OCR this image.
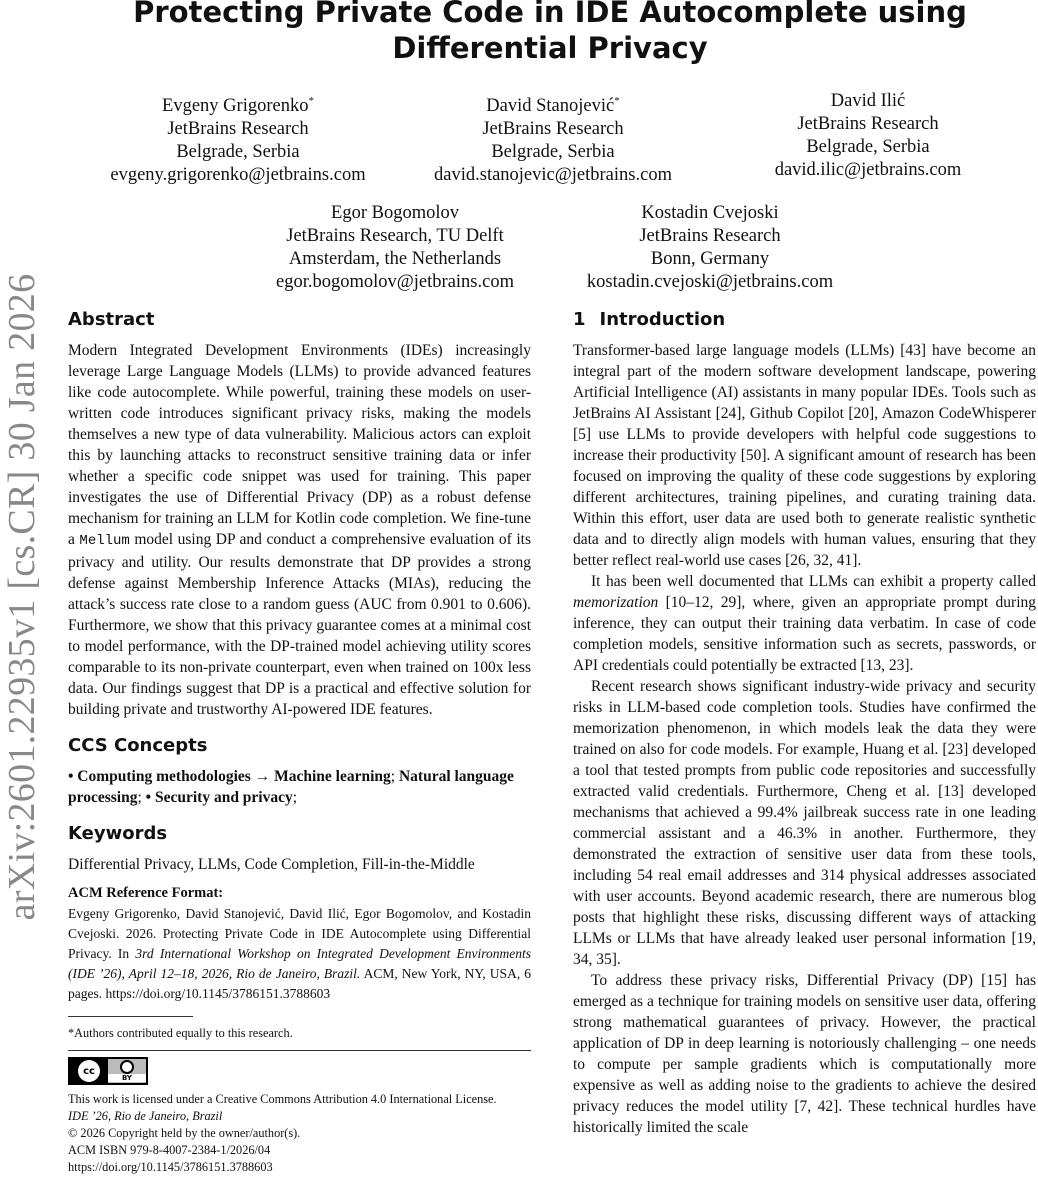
arXiv:2601.22935v1 [cs.CR] 30 Jan 2026
Protecting Private Code in IDE Autocomplete using Differential Privacy
Evgeny Grigorenko*
JetBrains Research
Belgrade, Serbia
evgeny.grigorenko@jetbrains.com
David Stanojević*
JetBrains Research
Belgrade, Serbia
david.stanojevic@jetbrains.com
David Ilić
JetBrains Research
Belgrade, Serbia
david.ilic@jetbrains.com
Egor Bogomolov
JetBrains Research, TU Delft
Amsterdam, the Netherlands
egor.bogomolov@jetbrains.com
Kostadin Cvejoski
JetBrains Research
Bonn, Germany
kostadin.cvejoski@jetbrains.com
Abstract

Modern Integrated Development Environments (IDEs) increasingly leverage Large Language Models (LLMs) to provide advanced features like code autocomplete. While powerful, training these models on user-written code introduces significant privacy risks, making the models themselves a new type of data vulnerability. Malicious actors can exploit this by launching attacks to reconstruct sensitive training data or infer whether a specific code snippet was used for training. This paper investigates the use of Differential Privacy (DP) as a robust defense mechanism for training an LLM for Kotlin code completion. We fine-tune a Mellum model using DP and conduct a comprehensive evaluation of its privacy and utility. Our results demonstrate that DP provides a strong defense against Membership Inference Attacks (MIAs), reducing the attack’s success rate close to a random guess (AUC from 0.901 to 0.606). Furthermore, we show that this privacy guarantee comes at a minimal cost to model performance, with the DP-trained model achieving utility scores comparable to its non-private counterpart, even when trained on 100x less data. Our findings suggest that DP is a practical and effective solution for building private and trustworthy AI-powered IDE features.

CCS Concepts

• Computing methodologies → Machine learning; Natural language processing; • Security and privacy;

Keywords

Differential Privacy, LLMs, Code Completion, Fill-in-the-Middle

ACM Reference Format:

Evgeny Grigorenko, David Stanojević, David Ilić, Egor Bogomolov, and Kostadin Cvejoski. 2026. Protecting Private Code in IDE Autocomplete using Differential Privacy. In 3rd International Workshop on Integrated Development Environments (IDE ’26), April 12–18, 2026, Rio de Janeiro, Brazil. ACM, New York, NY, USA, 6 pages. https://doi.org/10.1145/3786151.3788603

*Authors contributed equally to this research.
cc
BY
This work is licensed under a Creative Commons Attribution 4.0 International License.
IDE ’26, Rio de Janeiro, Brazil
© 2026 Copyright held by the owner/author(s).
ACM ISBN 979-8-4007-2384-1/2026/04
https://doi.org/10.1145/3786151.3788603
1 Introduction

Transformer-based large language models (LLMs) [43] have become an integral part of the modern software development landscape, powering Artificial Intelligence (AI) assistants in many popular IDEs. Tools such as JetBrains AI Assistant [24], Github Copilot [20], Amazon CodeWhisperer [5] use LLMs to provide developers with helpful code suggestions to increase their productivity [50]. A significant amount of research has been focused on improving the quality of these code suggestions by exploring different architectures, training pipelines, and curating training data. Within this effort, user data are used both to generate realistic synthetic data and to directly align models with human values, ensuring that they better reflect real-world use cases [26, 32, 41].

It has been well documented that LLMs can exhibit a property called memorization [10–12, 29], where, given an appropriate prompt during inference, they can output their training data verbatim. In case of code completion models, sensitive information such as secrets, passwords, or API credentials could potentially be extracted [13, 23].

Recent research shows significant industry-wide privacy and security risks in LLM-based code completion tools. Studies have confirmed the memorization phenomenon, in which models leak the data they were trained on also for code models. For example, Huang et al. [23] developed a tool that tested prompts from public code repositories and successfully extracted valid credentials. Furthermore, Cheng et al. [13] developed mechanisms that achieved a 99.4% jailbreak success rate in one leading commercial assistant and a 46.3% in another. Furthermore, they demonstrated the extraction of sensitive user data from these tools, including 54 real email addresses and 314 physical addresses associated with user accounts. Beyond academic research, there are numerous blog posts that highlight these risks, discussing different ways of attacking LLMs or LLMs that have already leaked user personal information [19, 34, 35].

To address these privacy risks, Differential Privacy (DP) [15] has emerged as a technique for training models on sensitive user data, offering strong mathematical guarantees of privacy. However, the practical application of DP in deep learning is notoriously challenging – one needs to compute per sample gradients which is computationally more expensive as well as adding noise to the gradients to achieve the desired privacy reduces the model utility [7, 42]. These technical hurdles have historically limited the scale
